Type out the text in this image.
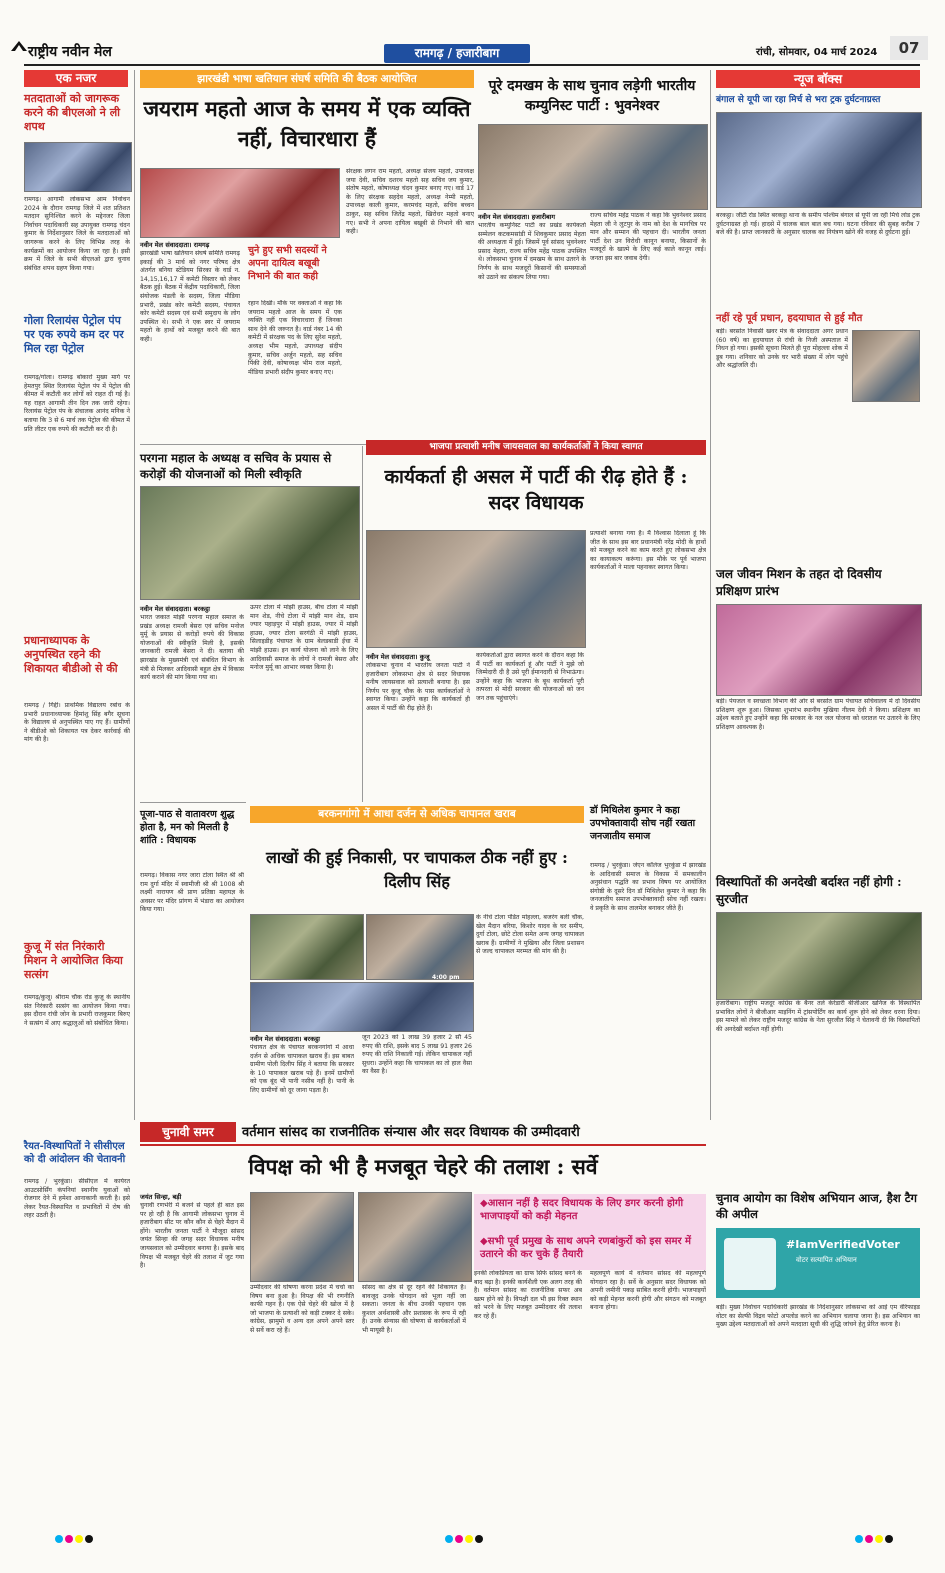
राष्ट्रीय नवीन मेल	रामगढ़ / हजारीबाग	रांची, सोमवार, 04 मार्च 2024	07
एक नजर
मतदाताओं को जागरूक करने की बीएलओ ने ली शपथ
रामगढ़। आगामी लोकसभा आम निर्वाचन 2024 के दौरान रामगढ़ जिले में शत प्रतिशत मतदान सुनिश्चित करने के मद्देनजर जिला निर्वाचन पदाधिकारी सह उपायुक्त रामगढ़ चंदन कुमार के निर्देशानुसार जिले के मतदाताओं को जागरूक करने के लिए विभिन्न तरह के कार्यक्रमों का आयोजन किया जा रहा है। इसी क्रम में जिले के सभी बीएलओ द्वारा चुनाव संबंधित शपथ ग्रहण किया गया।
गोला रिलायंस पेट्रोल पंप पर एक रुपये कम दर पर मिल रहा पेट्रोल
रामगढ़/गोला। रामगढ़ बोकारो मुख्य मार्ग पर हेमतपुर स्थित रिलायंस पेट्रोल पंप में पेट्रोल की कीमत में कटौती कर लोगों को राहत दी गई है। यह राहत आगामी तीन दिन तक जारी रहेगा। रिलायंस पेट्रोल पंप के संचालक आनंद मनिक ने बताया कि 3 से 6 मार्च तक पेट्रोल की कीमत में प्रति लीटर एक रुपये की कटौती कर दी है।
प्रधानाध्यापक के अनुपस्थित रहने की शिकायत बीडीओ से की
रामगढ़ / गिद्दी। प्राथमिक विद्यालय रबोध के प्रभारी प्रधानाध्यापक हिमांशु सिंह बगैर सूचना के विद्यालय से अनुपस्थित पाए गए हैं। ग्रामीणों ने बीडीओ को शिकायत पत्र देकर कार्रवाई की मांग की है।
कुजू में संत निरंकारी मिशन ने आयोजित किया सत्संग
रामगढ़/कुजू। श्रीराम चौक रोड कुजू के स्थानीय संत निरंकारी सत्संग का आयोजन किया गया। इस दौरान रांची जोन के प्रभारी राजकुमार बिरुए ने सत्संग में आए श्रद्धालुओं को संबोधित किया।
रैयत-विस्थापितों ने सीसीएल को दी आंदोलन की चेतावनी
रामगढ़ / भुरकुंडा। सीसीएल में कार्यरत आउटसोर्सिंग कंपनियां स्थानीय युवाओं को रोजगार देने में हमेशा आनाकानी करती है। इसे लेकर रैयत-विस्थापित व प्रभावितों में रोष की लहर उठती है।
झारखंडी भाषा खतियान संघर्ष समिति की बैठक आयोजित
जयराम महतो आज के समय में एक व्यक्ति नहीं, विचारधारा हैं
नवीन मेल संवाददाता। रामगढ़
झारखंडी भाषा खतियान संघर्ष समिति रामगढ़ इकाई की 3 मार्च को नगर परिषद क्षेत्र अंतर्गत बनिया स्टेडियम सिरका के वार्ड न. 14,15,16,17 में कमेटी विस्तार को लेकर बैठक हुई। बैठक में केंद्रीय पदाधिकारी, जिला संयोजक मंडली के सदस्य, जिला मीडिया प्रभारी, प्रखंड कोर कमेटी सदस्य, पंचायत कोर कमेटी सदस्य एवं सभी समुदाय के लोग उपस्थित थे। सभी ने एक स्वर में जयराम महतो के हाथों को मजबूत करने की बात कही।
चुने हुए सभी सदस्यों ने अपना दायित्व बखूबी निभाने की बात कही
रहान दिखी। मौके पर वक्ताओं ने कहा कि जयराम महतो आज के समय में एक व्यक्ति नहीं एक विचारधारा हैं जिनका साथ देने की जरूरत है। वार्ड नंबर 14 की कमेटी में संरक्षक पद के लिए सुरेश महतो, अध्यक्ष भीम महतो, उपाध्यक्ष संदीप कुमार, सचिव अर्जुन महतो, सह सचिव पिंकी देवी, कोषाध्यक्ष भीम राज महतो, मीडिया प्रभारी संदीप कुमार बनाए गए।
संरक्षक लगन राम महतो, अध्यक्ष संजय महतो, उपाध्यक्ष जया देवी, सचिव दशरथ महतो सह सचिव जय कुमार, संतोष महतो, कोषाध्यक्ष चंदन कुमार बनाए गए। वार्ड 17 के लिए संरक्षक सहदेव महतो, अध्यक्ष नेम्मी महतो, उपाध्यक्ष काली कुमार, करमचंद महतो, सचिव बच्चन ठाकुर, सह सचिव जितेंद्र महतो, खिरोधर महतो बनाए गए। सभी ने अपना दायित्व बखूबी से निभाने की बात कही।
पूरे दमखम के साथ चुनाव लड़ेगी भारतीय कम्युनिस्ट पार्टी : भुवनेश्वर
नवीन मेल संवाददाता। हजारीबाग
भारतीय कम्युनिस्ट पार्टी का प्रखंड कार्यकर्ता सम्मेलन कटकमसांडी में शिवकुमार प्रसाद मेहता की अध्यक्षता में हुई। जिसमें पूर्व सांसद भुवनेश्वर प्रसाद मेहता, राज्य सचिव महेंद्र पाठक उपस्थित थे। लोकसभा चुनाव में दमखम के साथ उतरने के निर्णय के साथ मजदूरों किसानों की समस्याओं को उठाने का संकल्प लिया गया।
राज्य सचिव महेंद्र पाठक ने कहा कि भुवनेश्वर प्रसाद मेहता जी ने लुटपुर के नाम को देश के मानचित्र पर मान और सम्मान की पहचान दी। भारतीय जनता पार्टी देश उन विरोधी कानून बनाया, किसानों के मजदूरों के खात्मे के लिए कई काले कानून लाई। जनता इस बार जवाब देगी।
परगना महाल के अध्यक्ष व सचिव के प्रयास से करोड़ों की योजनाओं को मिली स्वीकृति
नवीन मेल संवाददाता। बरकट्ठा
भारत जकात मांझी परगना महाल समाज के प्रखंड अध्यक्ष रामजी बेसरा एवं सचिव मनोज मुर्मू के प्रयास से करोड़ों रुपये की विकास योजनाओं की स्वीकृति मिली है, इसकी जानकारी रामजी बेसरा ने दी। बताया की झारखंड के मुख्यमंत्री एवं संबंधित विभाग के मंत्री से मिलकर आदिवासी बहुल क्षेत्र में विकास कार्य कराने की मांग किया गया था।
ऊपर टोला में मांझी हाउस, बीच टोला में मांझी मान शेड, नीचे टोला में मांझी मान शेड, ग्राम ज्यार पहाड़पुर में मांझी हाउस, ज्यार में मांझी हाउस, ज्यार टोला सरगंठी में मांझी हाउस, सिलाइडीह पंचायत के ग्राम बेलडबाडी ईचा में मांझी हाउस। इन कार्य योजना को लाने के लिए आदिवासी समाज के लोगों ने रामजी बेसरा और मनोज मुर्मू का आभार व्यक्त किया है।
भाजपा प्रत्याशी मनीष जायसवाल का कार्यकर्ताओं ने किया स्वागत
कार्यकर्ता ही असल में पार्टी की रीढ़ होते हैं : सदर विधायक
नवीन मेल संवाददाता। कुजू
लोकसभा चुनाव में भारतीय जनता पार्टी ने हजारीबाग लोकसभा क्षेत्र से सदर विधायक मनीष जायसवाल को प्रत्याशी बनाया है। इस निर्णय पर कुजू चौक के पास कार्यकर्ताओं ने स्वागत किया। उन्होंने कहा कि कार्यकर्ता ही असल में पार्टी की रीढ़ होते हैं।
कार्यकर्ताओं द्वारा स्वागत करने के दौरान कहा कि मैं पार्टी का कार्यकर्ता हूं और पार्टी ने मुझे जो जिम्मेदारी दी है उसे पूरी ईमानदारी से निभाऊंगा। उन्होंने कहा कि भाजपा के बूथ कार्यकर्ता पूरी तत्परता से मोदी सरकार की योजनाओं को जन जन तक पहुंचाएंगे।
प्रत्याशी बनाया गया है। मैं विश्वास दिलाता हूं कि जीत के साथ इस बार प्रधानमंत्री नरेंद्र मोदी के हाथों को मजबूत करने का काम करते हुए लोकसभा क्षेत्र का कायाकल्प करूंगा। इस मौके पर पूर्व भाजपा कार्यकर्ताओं ने माला पहनाकर स्वागत किया।
डॉ मिथिलेश कुमार ने कहा उपभोक्तावादी सोच नहीं रखता जनजातीय समाज
रामगढ़ / भुरकुंडा। जेएन कॉलेज भुरकुंडा में झारखंड के आदिवासी समाज के विकास में समकालीन अनुसंधान पद्धति का प्रभाव विषय पर आयोजित संगोष्ठी के दूसरे दिन डॉ मिथिलेश कुमार ने कहा कि जनजातीय समाज उपभोक्तावादी सोच नहीं रखता। वे प्रकृति के साथ तालमेल बनाकर जीते हैं।
बरकनगांगो में आधा दर्जन से अधिक चापानल खराब
लाखों की हुई निकासी, पर चापाकल ठीक नहीं हुए : दिलीप सिंह
4:00 pm
नवीन मेल संवाददाता। बरकट्ठा
पंचायत क्षेत्र के पंचायत बरकनगांगो में आधा दर्जन से अधिक चापाकल खराब हैं। इस बाबत ग्रामीण पोली दिलीप सिंह ने बताया कि सरकार के 10 पापाकल खराब पड़े हैं। इनमें ग्रामीणों को एक बूंद भी पानी नसीब नहीं है। पानी के लिए ग्रामीणों को दूर जाना पड़ता है।
जून 2023 को 1 लाख 39 हजार 2 सौ 45 रुपए की राशि, इसके बाद 5 लाख 91 हजार 26 रुपए की राशि निकाली गई। लेकिन चापाकल नहीं सुधरा। उन्होंने कहा कि चापाकल का तो हाल वैसा का वैसा है।
के नीचे टोला पंडित मोहल्ला, बजरंग बली चौक, खेल मैदान बरिया, किशोर यादव के घर समीप, दुर्गा टोला, छोटे टोला समेत अन्य जगह चापाकल खराब हैं। ग्रामीणों ने मुखिया और जिला प्रशासन से जल्द चापाकल मरम्मत की मांग की है।
पूजा-पाठ से वातावरण शुद्ध होता है, मन को मिलती है शांति : विधायक
रामगढ़। विकास नगर जारा टोला स्थित श्री श्री राम दुर्गा मंदिर में स्वामीजी श्री श्री 1008 श्री लक्ष्मी नारायण श्री प्राण प्रतिष्ठा महायज्ञ के अवसर पर मंदिर प्रांगण में भंडारा का आयोजन किया गया।
न्यूज बॉक्स
बंगाल से यूपी जा रहा मिर्च से भरा ट्रक दुर्घटनाग्रस्त
बरकट्ठा। जीटी रोड स्थित बरकट्ठा थाना के समीप पश्चिम बंगाल से यूपी जा रही मिर्च लोड ट्रक दुर्घटनाग्रस्त हो गई। हादसे में चालक बाल बाल बच गया। घटना रविवार की सुबह करीब 7 बजे की है। प्राप्त जानकारी के अनुसार चालक का नियंत्रण खोने की वजह से दुर्घटना हुई।
नहीं रहे पूर्व प्रधान, हदयाघात से हुई मौत
बड़ी। बरसोत निवासी खवर मंत्र के संवाददाता अगर प्रधान (60 वर्ष) का हृदयाघात से रांची के निजी अस्पताल में निधन हो गया। इसकी सूचना मिलते ही पूरा मोहल्ला शोक में डूब गया। शनिवार को उनके घर भारी संख्या में लोग पहुंचे और श्रद्धांजलि दी।
जल जीवन मिशन के तहत दो दिवसीय प्रशिक्षण प्रारंभ
बड़ी। पेयजल व स्वच्छता विभाग की ओर से बरसोत ग्राम पंचायत सचिवालय में दो दिवसीय प्रशिक्षण शुरू हुआ। जिसका शुभारंभ स्थानीय मुखिया नीलम देवी ने किया। प्रशिक्षण का उद्देश्य बताते हुए उन्होंने कहा कि सरकार के नल जल योजना को धरातल पर उतारने के लिए प्रशिक्षण आवश्यक है।
विस्थापितों की अनदेखी बर्दाश्त नहीं होगी : सुरजीत
हजारीबाग। राष्ट्रीय मजदूर कांग्रेस के बैनर तले केरेडारी बीजीआर खनिज के विस्थापित प्रभावित लोगों ने बीजीआर माइनिंग में ट्रांसपोर्टिंग का कार्य शुरू होने को लेकर धरना दिया। इस मामले को लेकर राष्ट्रीय मजदूर कांग्रेस के नेता सुरजीत सिंह ने चेतावनी दी कि विस्थापितों की अनदेखी बर्दाश्त नहीं होगी।
चुनाव आयोग का विशेष अभियान आज, हैश टैग की अपील
#IamVerifiedVoter
वोटर सत्यापित अभियान
बड़ी। मुख्य निर्वाचन पदाधिकारी झारखंड के निर्देशानुसार लोकसभा को आई एम वेरिफाइड वोटर का सेल्फी विद्रव फोटो अपलोड करने का अभियान चलाया जाना है। इस अभियान का मुख्य उद्देश्य मतदाताओं को अपने मतदाता सूची की शुद्धि जांचने हेतु प्रेरित करना है।
चुनावी समर	वर्तमान सांसद का राजनीतिक संन्यास और सदर विधायक की उम्मीदवारी
विपक्ष को भी है मजबूत चेहरे की तलाश : सर्वे
जयंत सिन्हा, बड़ी
चुनावी रणभेरी में बजने से पहले ही बात इस पर हो रही है कि आगामी लोकसभा चुनाव में हजारीबाग सीट पर कौन कौन से चेहरे मैदान में होंगे। भारतीय जनता पार्टी ने मौजूदा सांसद जयंत सिन्हा की जगह सदर विधायक मनीष जायसवाल को उम्मीदवार बनाया है। इसके बाद विपक्ष भी मजबूत चेहरे की तलाश में जुट गया है।
◆आसान नहीं है सदर विधायक के लिए डगर करनी होगी भाजपाइयों को कड़ी मेहनत
◆सभी पूर्व प्रमुख के साथ अपने रणबांकुरों को इस समर में उतारने की कर चुके हैं तैयारी
उम्मीदवार की घोषणा करना प्रदेश में चर्चा का विषय बना हुआ है। विपक्ष की भी रणनीति काफी गहन है। एक ऐसे चेहरे की खोज में है जो भाजपा के प्रत्याशी को कड़ी टक्कर दे सके। कांग्रेस, झामुमो व अन्य दल अपने अपने स्तर से सर्वे करा रहे हैं।
सांसद का क्षेत्र से दूर रहने की शिकायत है। बावजूद उनके योगदान को भूला नहीं जा सकता। जनता के बीच उनकी पहचान एक कुशल अर्थशास्त्री और प्रशासक के रूप में रही है। उनके संन्यास की घोषणा से कार्यकर्ताओं में भी मायूसी है।
इनकी लोकप्रियता का ग्राफ सिर्फ सांसद बनने के बाद बढ़ा है। इनकी कार्यशैली एक अलग तरह की है। वर्तमान सांसद का राजनीतिक सफर अब खत्म होने को है। विपक्षी दल भी इस रिक्त स्थान को भरने के लिए मजबूत उम्मीदवार की तलाश कर रहे हैं।
महत्वपूर्ण कार्य में वर्तमान सांसद की महत्वपूर्ण योगदान रहा है। सर्वे के अनुसार सदर विधायक को अपनी जमीनी पकड़ साबित करनी होगी। भाजपाइयों को कड़ी मेहनत करनी होगी और संगठन को मजबूत बनाना होगा।
